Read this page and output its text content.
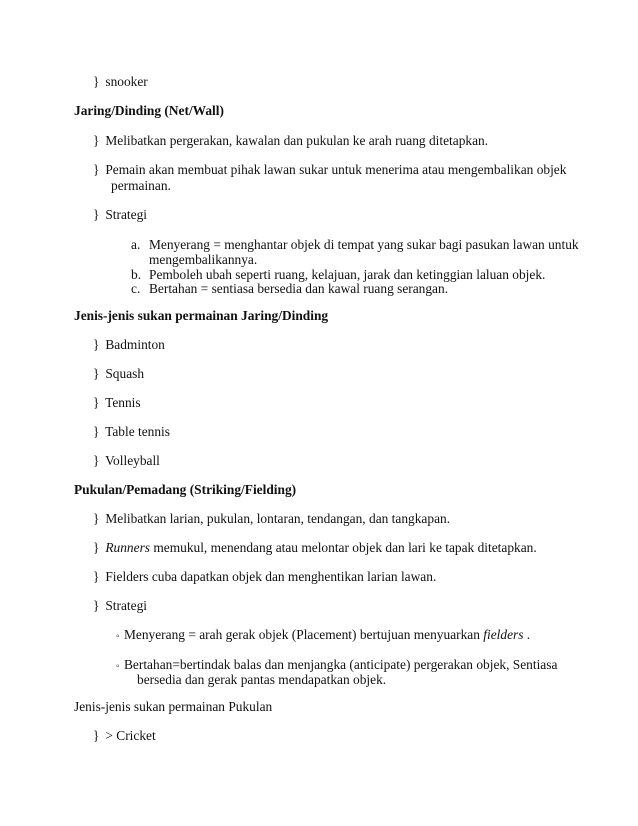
} snooker
Jaring/Dinding (Net/Wall)
} Melibatkan pergerakan, kawalan dan pukulan ke arah ruang ditetapkan.
} Pemain akan membuat pihak lawan sukar untuk menerima atau mengembalikan objek
permainan.
} Strategi
a. Menyerang = menghantar objek di tempat yang sukar bagi pasukan lawan untuk
mengembalikannya.
b. Pemboleh ubah seperti ruang, kelajuan, jarak dan ketinggian laluan objek.
c. Bertahan = sentiasa bersedia dan kawal ruang serangan.
Jenis-jenis sukan permainan Jaring/Dinding
} Badminton
} Squash
} Tennis
} Table tennis
} Volleyball
Pukulan/Pemadang (Striking/Fielding)
} Melibatkan larian, pukulan, lontaran, tendangan, dan tangkapan.
} Runners memukul, menendang atau melontar objek dan lari ke tapak ditetapkan.
} Fielders cuba dapatkan objek dan menghentikan larian lawan.
} Strategi
◦ Menyerang = arah gerak objek (Placement) bertujuan menyuarkan fielders .
◦ Bertahan=bertindak balas dan menjangka (anticipate) pergerakan objek, Sentiasa
bersedia dan gerak pantas mendapatkan objek.
Jenis-jenis sukan permainan Pukulan
} > Cricket
